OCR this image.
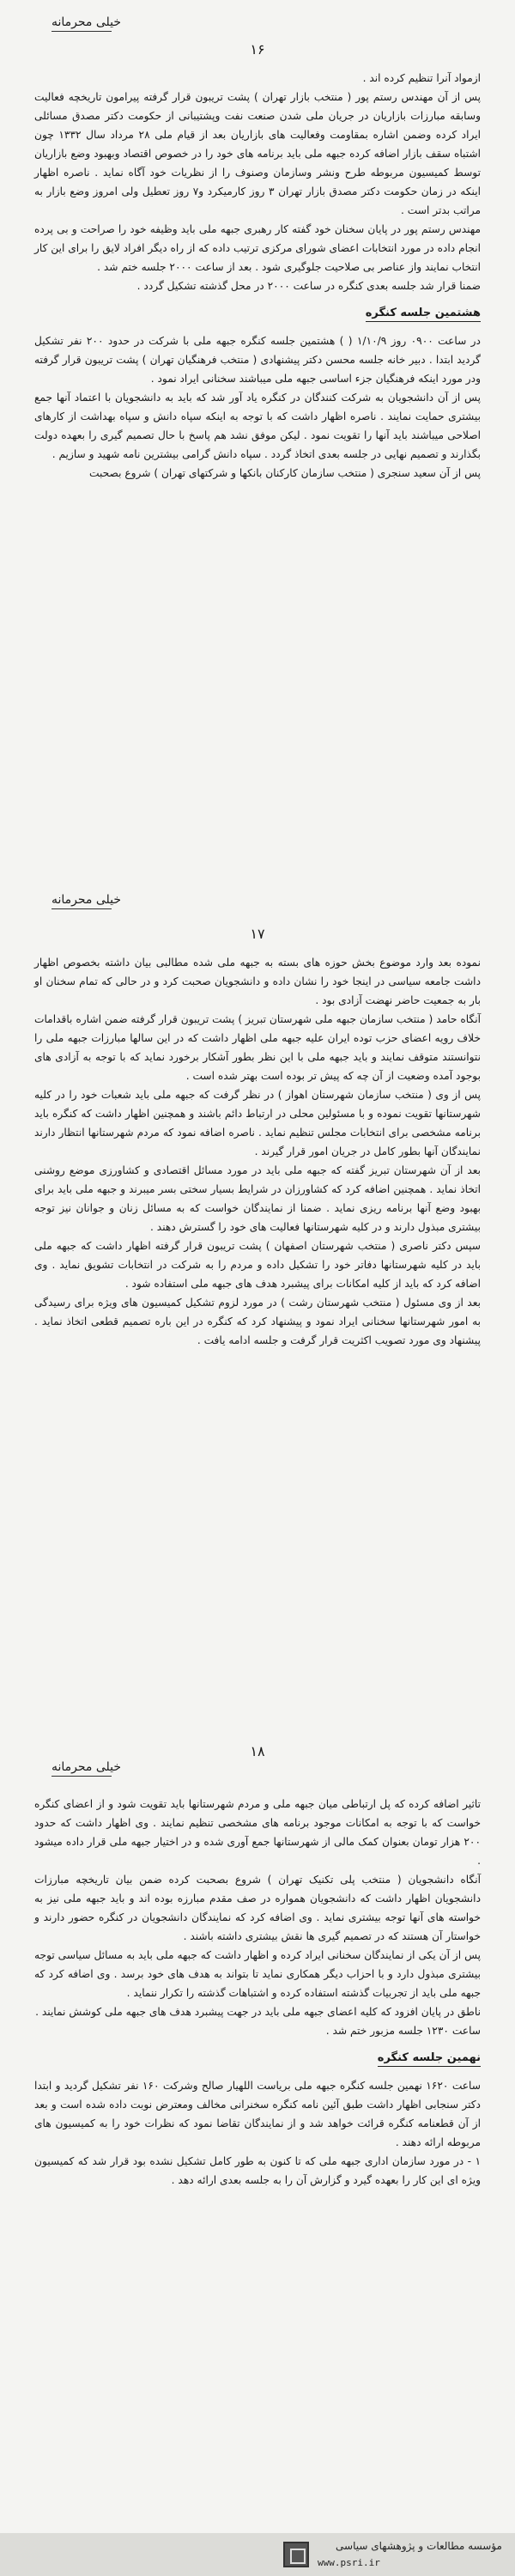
خیلی محرمانه
۱۶

ازمواد آنرا تنظیم کرده اند .

پس از آن مهندس رستم پور ( منتخب بازار تهران ) پشت تریبون قرار گرفته پیرامون تاریخچه فعالیت وسابقه مبارزات بازاریان در جریان ملی شدن صنعت نفت وپشتیبانی از حکومت دکتر مصدق مسائلی ایراد کرده وضمن اشاره بمقاومت وفعالیت های بازاریان بعد از قیام ملی ۲۸ مرداد سال ۱۳۳۲ چون اشتباه سقف بازار اضافه کرده جبهه ملی باید برنامه های خود را در خصوص اقتصاد وبهبود وضع بازاریان توسط کمیسیون مربوطه طرح ونشر وسازمان وصنوف را از نظریات خود آگاه نماید . ناصره اظهار اینکه در زمان حکومت دکتر مصدق بازار تهران ۳ روز کارمیکرد و۷ روز تعطیل ولی امروز وضع بازار به مراتب بدتر است .

مهندس رستم پور در پایان سخنان خود گفته کار رهبری جبهه ملی باید وظیفه خود را صراحت و بی پرده انجام داده در مورد انتخابات اعضای شورای مرکزی ترتیب داده که از راه دیگر افراد لایق را برای این کار انتخاب نمایند واز عناصر بی صلاحیت جلوگیری شود . بعد از ساعت ۲۰۰۰ جلسه ختم شد .

ضمنا قرار شد جلسه بعدی کنگره در ساعت ۲۰۰۰ در محل گذشته تشکیل گردد .

هشتمین جلسه کنگره

در ساعت ۰۹۰۰ روز ۱/۱۰/۹ ( ) هشتمین جلسه کنگره جبهه ملی با شرکت در حدود ۲۰۰ نفر تشکیل گردید ابتدا . دبیر خانه جلسه محسن دکتر پیشنهادی ( منتخب فرهنگیان تهران ) پشت تریبون قرار گرفته ودر مورد اینکه فرهنگیان جزء اساسی جبهه ملی میباشند سخنانی ایراد نمود .

پس از آن دانشجویان به شرکت کنندگان در کنگره یاد آور شد که باید به دانشجویان با اعتماد آنها جمع بیشتری حمایت نمایند . ناصره اظهار داشت که با توجه به اینکه سپاه دانش و سپاه بهداشت از کارهای اصلاحی میباشند باید آنها را تقویت نمود . لیکن موفق نشد هم پاسخ با حال تصمیم گیری را بعهده دولت بگذارند و تصمیم نهایی در جلسه بعدی اتخاذ گردد . سپاه دانش گرامی بیشترین نامه شهید و سازیم .

پس از آن سعید سنجری ( منتخب سازمان کارکنان بانکها و شرکتهای تهران ) شروع بصحبت

خیلی محرمانه
۱۷

نموده بعد وارد موضوع بخش حوزه های بسته به جبهه ملی شده مطالبی بیان داشته بخصوص اظهار داشت جامعه سیاسی در اینجا خود را نشان داده و دانشجویان صحبت کرد و در حالی که تمام سخنان او بار به جمعیت حاضر نهضت آزادی بود .

آنگاه حامد ( منتخب سازمان جبهه ملی شهرستان تبریز ) پشت تریبون قرار گرفته ضمن اشاره باقدامات خلاف رویه اعضای حزب توده ایران علیه جبهه ملی اظهار داشت که در این سالها مبارزات جبهه ملی را نتوانستند متوقف نمایند و باید جبهه ملی با این نظر بطور آشکار برخورد نماید که با توجه به آزادی های بوجود آمده وضعیت از آن چه که پیش تر بوده است بهتر شده است .

پس از وی ( منتخب سازمان شهرستان اهواز ) در نظر گرفت که جبهه ملی باید شعبات خود را در کلیه شهرستانها تقویت نموده و با مسئولین محلی در ارتباط دائم باشند و همچنین اظهار داشت که کنگره باید برنامه مشخصی برای انتخابات مجلس تنظیم نماید . ناصره اضافه نمود که مردم شهرستانها انتظار دارند نمایندگان آنها بطور کامل در جریان امور قرار گیرند .

بعد از آن شهرستان تبریز گفته که جبهه ملی باید در مورد مسائل اقتصادی و کشاورزی موضع روشنی اتخاذ نماید . همچنین اضافه کرد که کشاورزان در شرایط بسیار سختی بسر میبرند و جبهه ملی باید برای بهبود وضع آنها برنامه ریزی نماید . ضمنا از نمایندگان خواست که به مسائل زنان و جوانان نیز توجه بیشتری مبذول دارند و در کلیه شهرستانها فعالیت های خود را گسترش دهند .

سپس دکتر ناصری ( منتخب شهرستان اصفهان ) پشت تریبون قرار گرفته اظهار داشت که جبهه ملی باید در کلیه شهرستانها دفاتر خود را تشکیل داده و مردم را به شرکت در انتخابات تشویق نماید . وی اضافه کرد که باید از کلیه امکانات برای پیشبرد هدف های جبهه ملی استفاده شود .

بعد از وی مسئول ( منتخب شهرستان رشت ) در مورد لزوم تشکیل کمیسیون های ویژه برای رسیدگی به امور شهرستانها سخنانی ایراد نمود و پیشنهاد کرد که کنگره در این باره تصمیم قطعی اتخاذ نماید . پیشنهاد وی مورد تصویب اکثریت قرار گرفت و جلسه ادامه یافت .

خیلی محرمانه
۱۸

تاثیر اضافه کرده که پل ارتباطی میان جبهه ملی و مردم شهرستانها باید تقویت شود و از اعضای کنگره خواست که با توجه به امکانات موجود برنامه های مشخصی تنظیم نمایند . وی اظهار داشت که حدود ۲۰۰ هزار تومان بعنوان کمک مالی از شهرستانها جمع آوری شده و در اختیار جبهه ملی قرار داده میشود .

آنگاه دانشجویان ( منتخب پلی تکنیک تهران ) شروع بصحبت کرده ضمن بیان تاریخچه مبارزات دانشجویان اظهار داشت که دانشجویان همواره در صف مقدم مبارزه بوده اند و باید جبهه ملی نیز به خواسته های آنها توجه بیشتری نماید . وی اضافه کرد که نمایندگان دانشجویان در کنگره حضور دارند و خواستار آن هستند که در تصمیم گیری ها نقش بیشتری داشته باشند .

پس از آن یکی از نمایندگان سخنانی ایراد کرده و اظهار داشت که جبهه ملی باید به مسائل سیاسی توجه بیشتری مبذول دارد و با احزاب دیگر همکاری نماید تا بتواند به هدف های خود برسد . وی اضافه کرد که جبهه ملی باید از تجربیات گذشته استفاده کرده و اشتباهات گذشته را تکرار ننماید .

ناطق در پایان افزود که کلیه اعضای جبهه ملی باید در جهت پیشبرد هدف های جبهه ملی کوشش نمایند .

ساعت ۱۲۳۰ جلسه مزبور ختم شد .

نهمین جلسه کنگره

ساعت ۱۶۲۰ نهمین جلسه کنگره جبهه ملی بریاست اللهیار صالح وشرکت ۱۶۰ نفر تشکیل گردید و ابتدا دکتر سنجابی اظهار داشت طبق آئین نامه کنگره سخنرانی مخالف ومعترض نوبت داده شده است و بعد از آن قطعنامه کنگره قرائت خواهد شد و از نمایندگان تقاضا نمود که نظرات خود را به کمیسیون های مربوطه ارائه دهند .

۱ - در مورد سازمان اداری جبهه ملی که تا کنون به طور کامل تشکیل نشده بود قرار شد که کمیسیون ویژه ای این کار را بعهده گیرد و گزارش آن را به جلسه بعدی ارائه دهد .

مؤسسه مطالعات و پژوهشهای سیاسی
www.psri.ir
